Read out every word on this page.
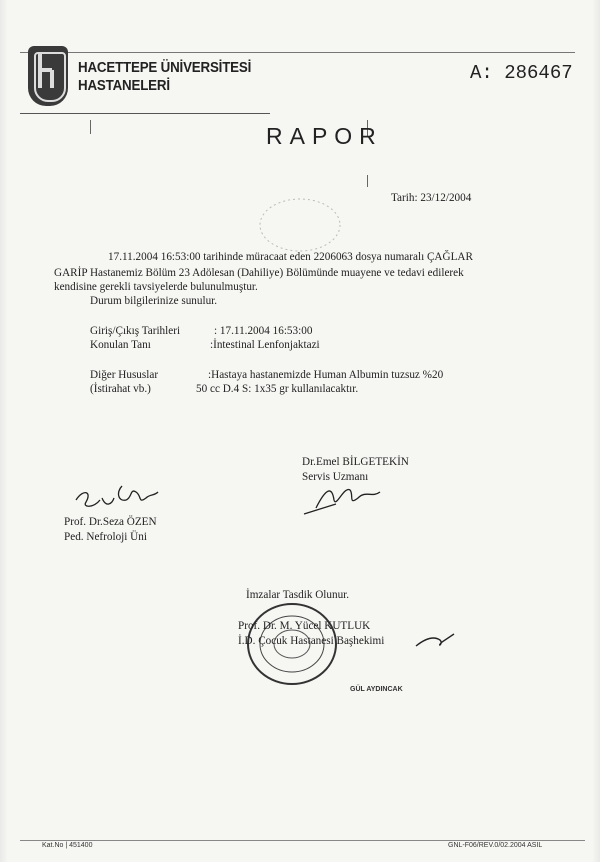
HACETTEPE ÜNİVERSİTESİ
HASTANELERİ
A: 286467
RAPOR
Tarih: 23/12/2004
17.11.2004 16:53:00 tarihinde müracaat eden 2206063 dosya numaralı ÇAĞLAR
GARİP Hastanemiz Bölüm 23 Adölesan (Dahiliye) Bölümünde muayene ve tedavi edilerek
kendisine gerekli tavsiyelerde bulunulmuştur.
Durum bilgilerinize sunulur.
Giriş/Çıkış Tarihleri	: 17.11.2004 16:53:00
Konulan Tanı	:İntestinal Lenfonjaktazi
Diğer Hususlar	:Hastaya hastanemizde Human Albumin tuzsuz %20
(İstirahat vb.)	50 cc D.4 S: 1x35 gr kullanılacaktır.
Dr.Emel BİLGETEKİN
Servis Uzmanı
Prof. Dr.Seza ÖZEN
Ped. Nefroloji Üni
İmzalar Tasdik Olunur.
Prof. Dr. M. Yücel KUTLUK
İ.D. Çocuk Hastanesi Başhekimi
GÜL AYDINCAK
Kat.No | 451400	GNL-F06/REV.0/02.2004 ASIL
